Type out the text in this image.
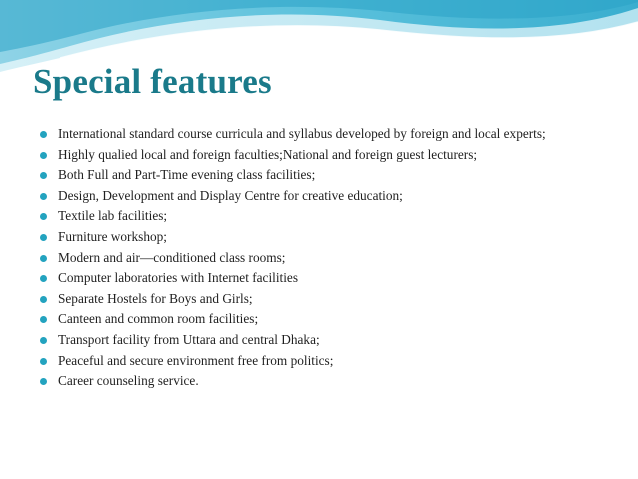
Special features
International standard course curricula and syllabus developed by foreign and local experts;
Highly qualied local and foreign faculties;National and foreign guest lecturers;
Both Full and Part-Time evening class facilities;
Design, Development and Display Centre for creative education;
Textile lab facilities;
Furniture workshop;
Modern and air—conditioned class rooms;
Computer laboratories with Internet facilities
Separate Hostels for Boys and Girls;
Canteen and common room facilities;
Transport facility from Uttara and central Dhaka;
Peaceful and secure environment free from politics;
Career counseling service.
